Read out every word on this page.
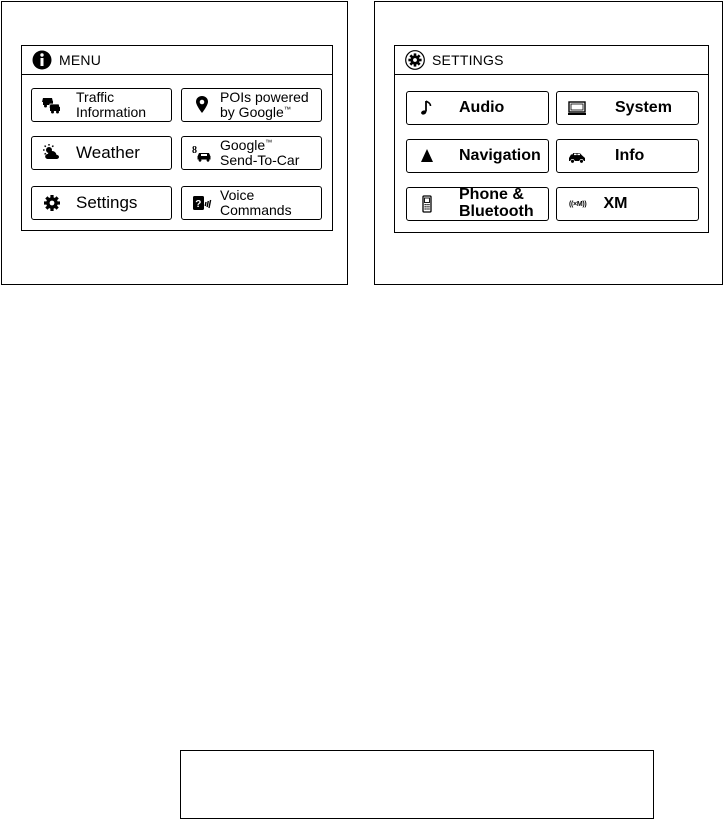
MENU
Traffic
Information
POIs powered
by Google™
Weather	8 Google™
Send-To-Car
Settings	?
Voice
Commands
SETTINGS
Audio	System
Navigation	Info
Phone &
Bluetooth	((×M)) XM
